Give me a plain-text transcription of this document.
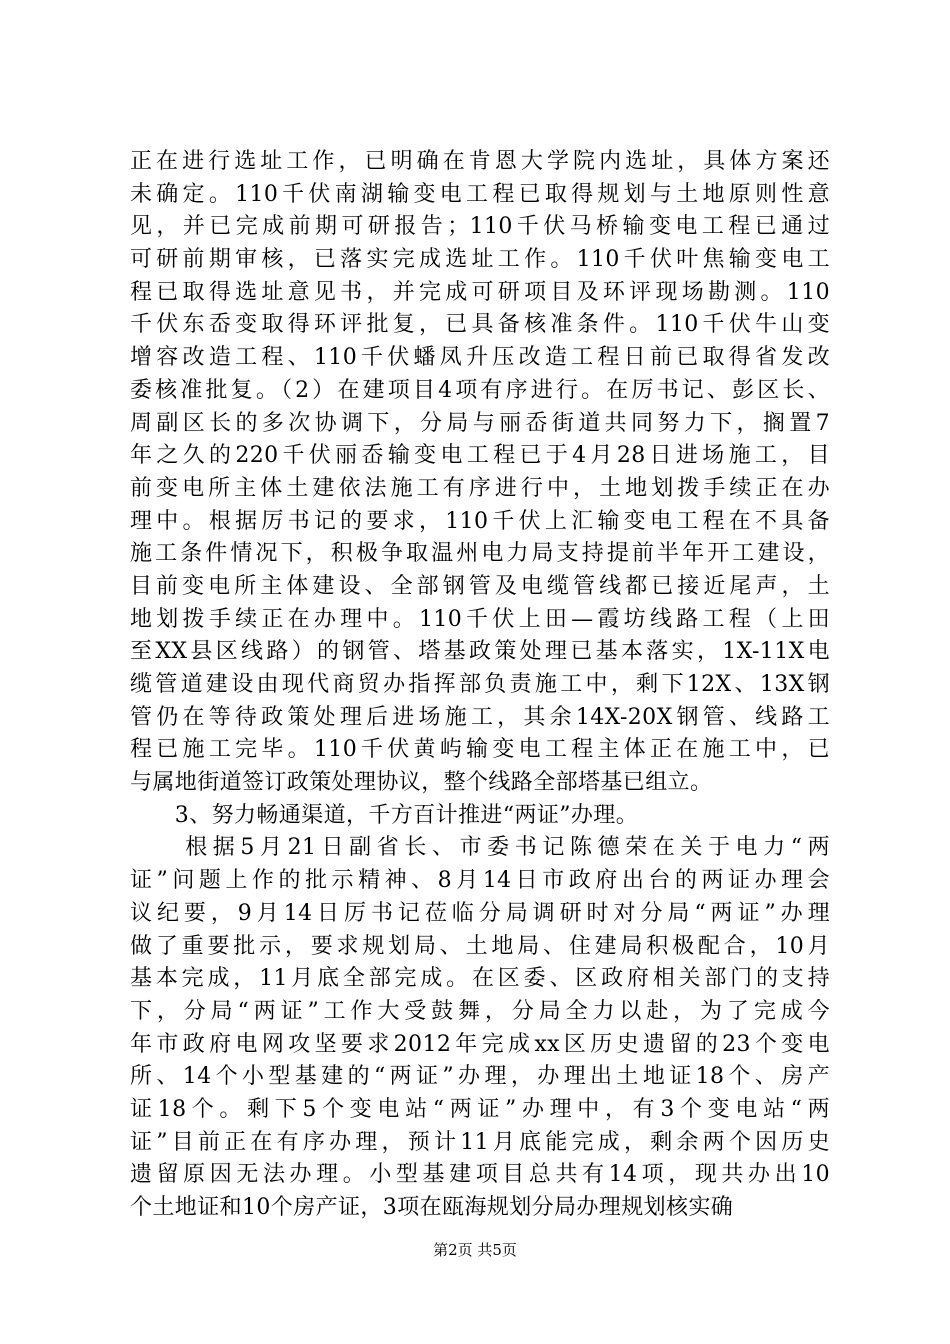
正在进行选址工作，已明确在肯恩大学院内选址，具体方案还
未确定。110千伏南湖输变电工程已取得规划与土地原则性意
见，并已完成前期可研报告；110千伏马桥输变电工程已通过
可研前期审核，已落实完成选址工作。110千伏叶焦输变电工
程已取得选址意见书，并完成可研项目及环评现场勘测。110
千伏东岙变取得环评批复，已具备核准条件。110千伏牛山变
增容改造工程、110千伏蟠凤升压改造工程日前已取得省发改
委核准批复。（2）在建项目4项有序进行。在厉书记、彭区长、
周副区长的多次协调下，分局与丽岙街道共同努力下，搁置7
年之久的220千伏丽岙输变电工程已于4月28日进场施工，目
前变电所主体土建依法施工有序进行中，土地划拨手续正在办
理中。根据厉书记的要求，110千伏上汇输变电工程在不具备
施工条件情况下，积极争取温州电力局支持提前半年开工建设，
目前变电所主体建设、全部钢管及电缆管线都已接近尾声，土
地划拨手续正在办理中。110千伏上田—霞坊线路工程（上田
至XX县区线路）的钢管、塔基政策处理已基本落实，1X-11X电
缆管道建设由现代商贸办指挥部负责施工中，剩下12X、13X钢
管仍在等待政策处理后进场施工，其余14X-20X钢管、线路工
程已施工完毕。110千伏黄屿输变电工程主体正在施工中，已
与属地街道签订政策处理协议，整个线路全部塔基已组立。
　　3、努力畅通渠道，千方百计推进“两证”办理。
　　根据5月21日副省长、市委书记陈德荣在关于电力“两
证”问题上作的批示精神、8月14日市政府出台的两证办理会
议纪要，9月14日厉书记莅临分局调研时对分局“两证”办理
做了重要批示，要求规划局、土地局、住建局积极配合，10月
基本完成，11月底全部完成。在区委、区政府相关部门的支持
下，分局“两证”工作大受鼓舞，分局全力以赴，为了完成今
年市政府电网攻坚要求2012年完成xx区历史遗留的23个变电
所、14个小型基建的“两证”办理，办理出土地证18个、房产
证18个。剩下5个变电站“两证”办理中，有3个变电站“两
证”目前正在有序办理，预计11月底能完成，剩余两个因历史
遗留原因无法办理。小型基建项目总共有14项，现共办出10
个土地证和10个房产证，3项在瓯海规划分局办理规划核实确
第2页 共5页
